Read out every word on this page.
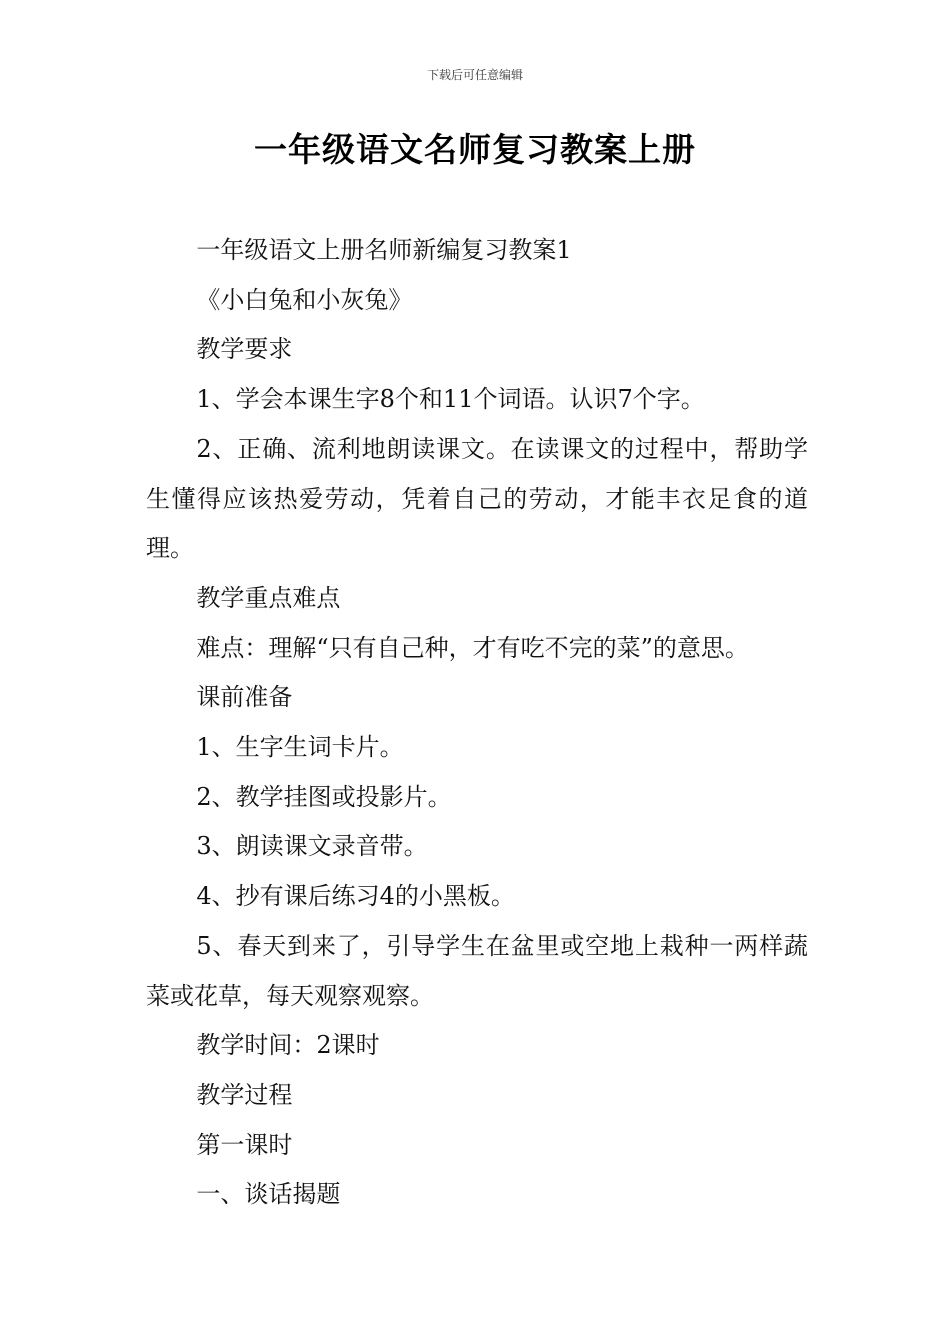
下载后可任意编辑
一年级语文名师复习教案上册

一年级语文上册名师新编复习教案1

《小白兔和小灰兔》

教学要求

1、学会本课生字8个和11个词语。认识7个字。

2、正确、流利地朗读课文。在读课文的过程中，帮助学生懂得应该热爱劳动，凭着自己的劳动，才能丰衣足食的道理。

教学重点难点

难点：理解“只有自己种，才有吃不完的菜”的意思。

课前准备

1、生字生词卡片。

2、教学挂图或投影片。

3、朗读课文录音带。

4、抄有课后练习4的小黑板。

5、春天到来了，引导学生在盆里或空地上栽种一两样蔬菜或花草，每天观察观察。

教学时间：2课时

教学过程

第一课时

一、谈话揭题
